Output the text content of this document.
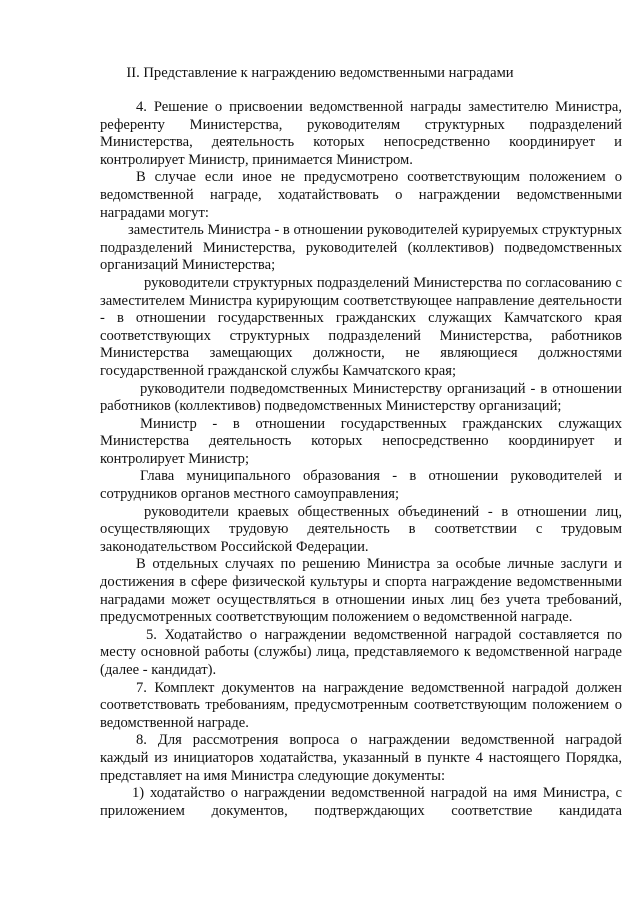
II. Представление к награждению ведомственными наградами

4. Решение о присвоении ведомственной награды заместителю Министра, референту Министерства, руководителям структурных подразделений Министерства, деятельность которых непосредственно координирует и контролирует Министр, принимается Министром.

В случае если иное не предусмотрено соответствующим положением о ведомственной награде, ходатайствовать о награждении ведомственными наградами могут:

заместитель Министра - в отношении руководителей курируемых структурных подразделений Министерства, руководителей (коллективов) подведомственных организаций Министерства;

руководители структурных подразделений Министерства по согласованию с заместителем Министра курирующим соответствующее направление деятельности - в отношении государственных гражданских служащих Камчатского края соответствующих структурных подразделений Министерства, работников Министерства замещающих должности, не являющиеся должностями государственной гражданской службы Камчатского края;

руководители подведомственных Министерству организаций - в отношении работников (коллективов) подведомственных Министерству организаций;

Министр - в отношении государственных гражданских служащих Министерства деятельность которых непосредственно координирует и контролирует Министр;

Глава муниципального образования - в отношении руководителей и сотрудников органов местного самоуправления;

руководители краевых общественных объединений - в отношении лиц, осуществляющих трудовую деятельность в соответствии с трудовым законодательством Российской Федерации.

В отдельных случаях по решению Министра за особые личные заслуги и достижения в сфере физической культуры и спорта награждение ведомственными наградами может осуществляться в отношении иных лиц без учета требований, предусмотренных соответствующим положением о ведомственной награде.

5. Ходатайство о награждении ведомственной наградой составляется по месту основной работы (службы) лица, представляемого к ведомственной награде (далее - кандидат).

7. Комплект документов на награждение ведомственной наградой должен соответствовать требованиям, предусмотренным соответствующим положением о ведомственной награде.

8. Для рассмотрения вопроса о награждении ведомственной наградой каждый из инициаторов ходатайства, указанный в пункте 4 настоящего Порядка, представляет на имя Министра следующие документы:

1) ходатайство о награждении ведомственной наградой на имя Министра, с приложением документов, подтверждающих соответствие кандидата
